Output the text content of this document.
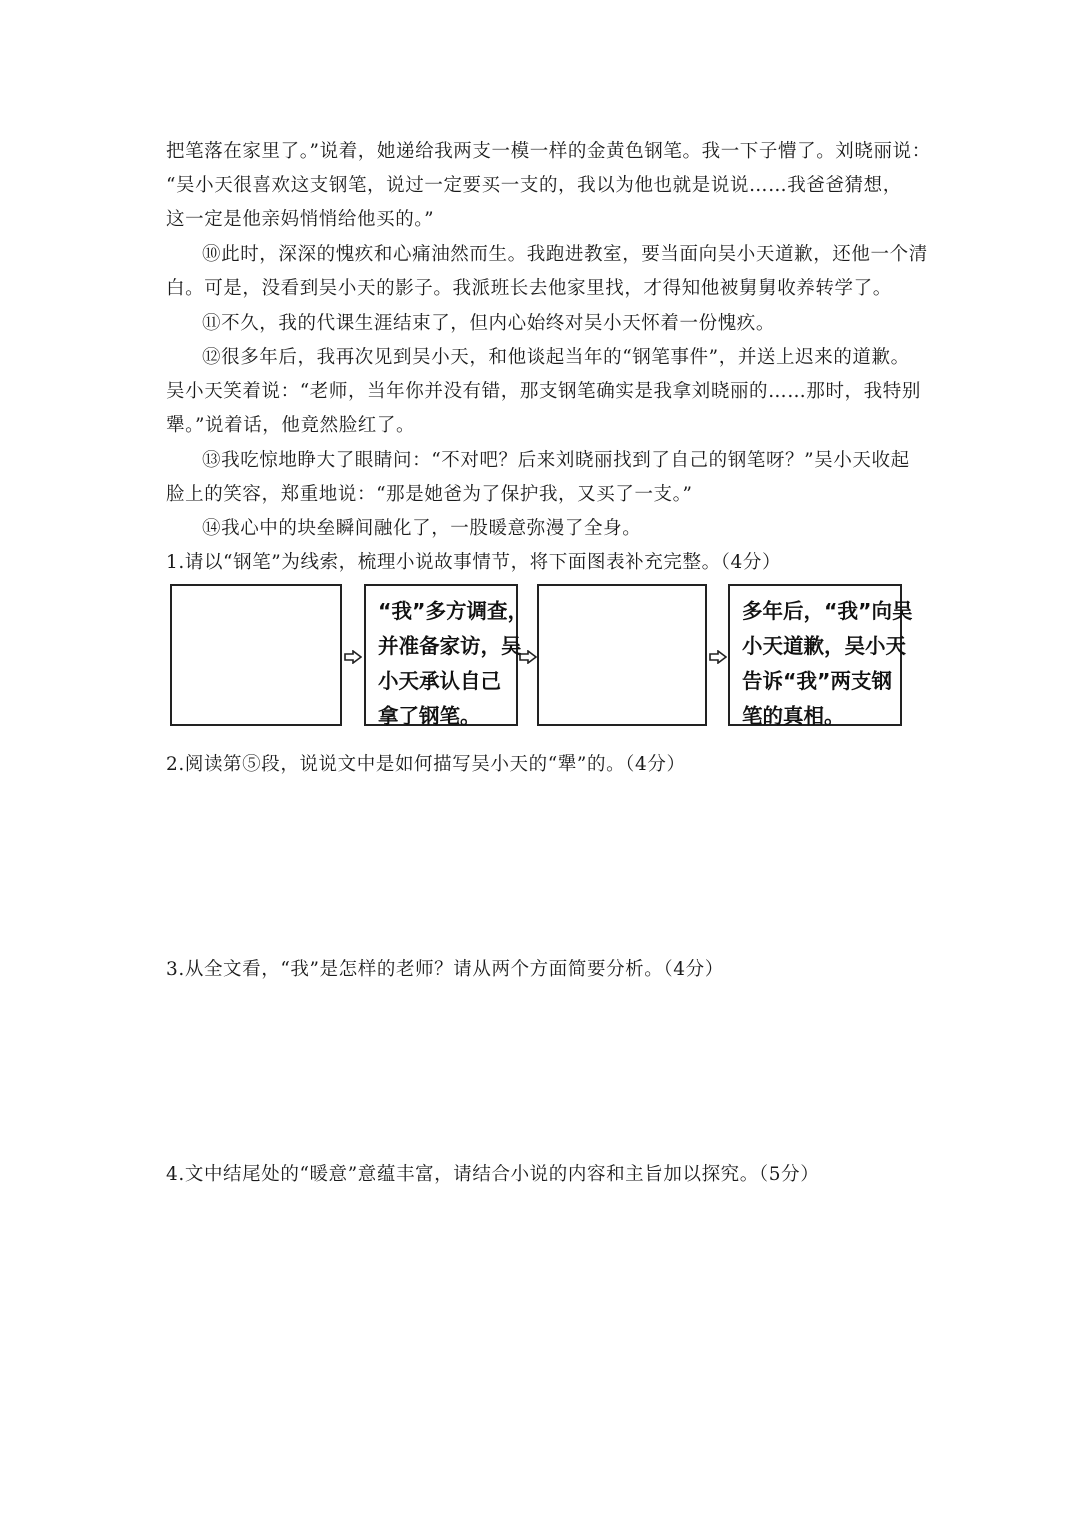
把笔落在家里了。”说着，她递给我两支一模一样的金黄色钢笔。我一下子懵了。刘晓丽说：
“吴小天很喜欢这支钢笔，说过一定要买一支的，我以为他也就是说说……我爸爸猜想，
这一定是他亲妈悄悄给他买的。”
⑩此时，深深的愧疚和心痛油然而生。我跑进教室，要当面向吴小天道歉，还他一个清
白。可是，没看到吴小天的影子。我派班长去他家里找，才得知他被舅舅收养转学了。
⑪不久，我的代课生涯结束了，但内心始终对吴小天怀着一份愧疚。
⑫很多年后，我再次见到吴小天，和他谈起当年的“钢笔事件”，并送上迟来的道歉。
吴小天笑着说：“老师，当年你并没有错，那支钢笔确实是我拿刘晓丽的……那时，我特别
犟。”说着话，他竟然脸红了。
⑬我吃惊地睁大了眼睛问：“不对吧？后来刘晓丽找到了自己的钢笔呀？”吴小天收起
脸上的笑容，郑重地说：“那是她爸为了保护我，又买了一支。”
⑭我心中的块垒瞬间融化了，一股暖意弥漫了全身。
1.请以“钢笔”为线索，梳理小说故事情节，将下面图表补充完整。（4分）
“我”多方调查，
并准备家访，吴
小天承认自己
拿了钢笔。
多年后，“我”向吴
小天道歉，吴小天
告诉“我”两支钢
笔的真相。
2.阅读第⑤段，说说文中是如何描写吴小天的“犟”的。（4分）
3.从全文看，“我”是怎样的老师？请从两个方面简要分析。（4分）
4.文中结尾处的“暖意”意蕴丰富，请结合小说的内容和主旨加以探究。（5分）
